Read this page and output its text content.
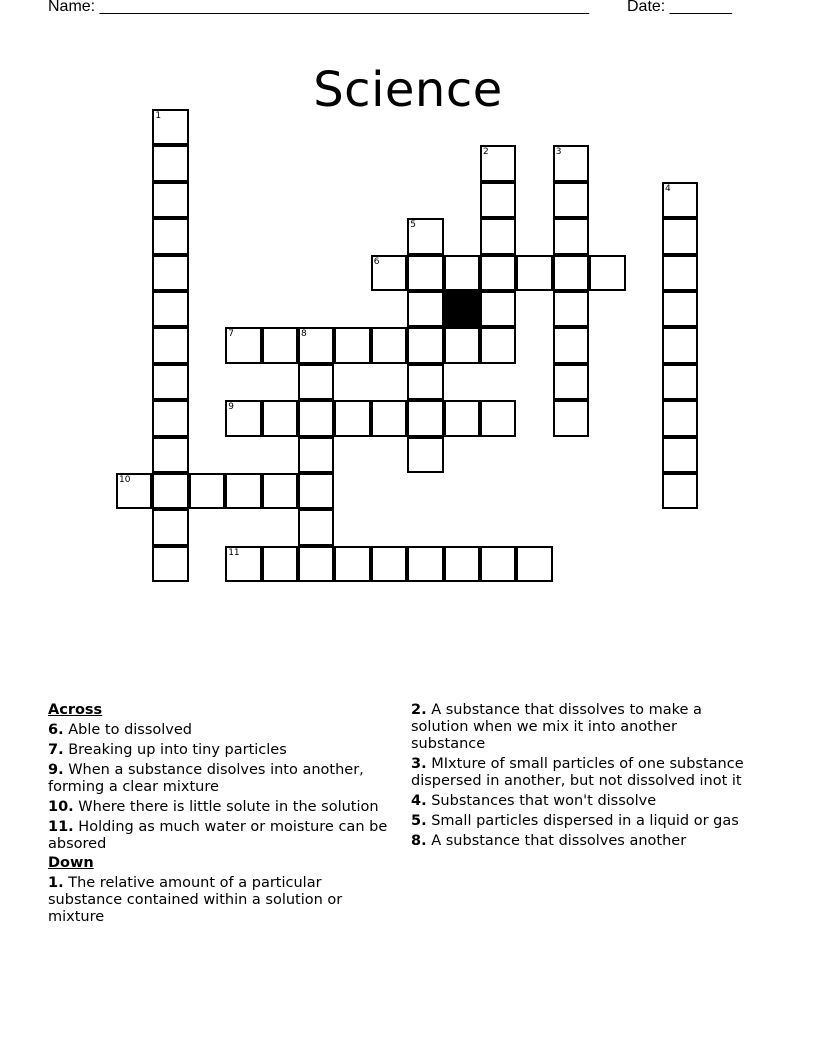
Name: _______________________________________________________ Date: _______
Science
1
2	3
4
5
6
7	8
9
10
11
Across
6. Able to dissolved
7. Breaking up into tiny particles
9. When a substance disolves into another, forming a clear mixture
10. Where there is little solute in the solution
11. Holding as much water or moisture can be absored
Down
1. The relative amount of a particular substance contained within a solution or mixture
2. A substance that dissolves to make a solution when we mix it into another substance
3. MIxture of small particles of one substance dispersed in another, but not dissolved inot it
4. Substances that won't dissolve
5. Small particles dispersed in a liquid or gas
8. A substance that dissolves another
